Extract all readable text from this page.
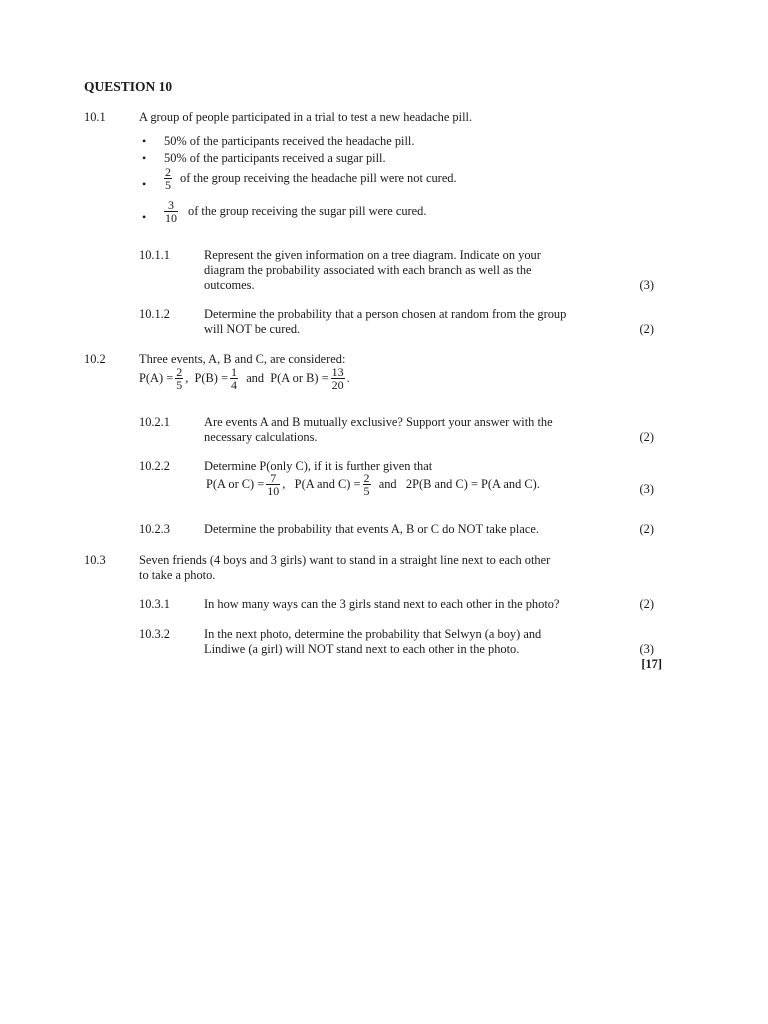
QUESTION 10
10.1	A group of people participated in a trial to test a new headache pill.
• 50% of the participants received the headache pill.
• 50% of the participants received a sugar pill.
• $\frac{2}{5}$ of the group receiving the headache pill were not cured.
• $\frac{3}{10}$ of the group receiving the sugar pill were cured.
10.1.1	Represent the given information on a tree diagram. Indicate on your
diagram the probability associated with each branch as well as the
outcomes.	(3)
10.1.2	Determine the probability that a person chosen at random from the group
will NOT be cured.	(2)
10.2	Three events, A, B and C, are considered:
$P(A) = \frac{2}{5}$ , $P(B) = \frac{1}{4}$
and
P(A or $B) = \frac{13}{20}$ .
10.2.1	Are events A and B mutually exclusive? Support your answer with the
necessary calculations.	(2)
10.2.2	Determine P(only C), if it is further given that
P(A or $C) = \frac{7}{10}$ , P(A and $C) = \frac{2}{5}$
and
2P(B and C) = P(A and C).	(3)
10.2.3	Determine the probability that events A, B or C do NOT take place.	(2)
10.3	Seven friends (4 boys and 3 girls) want to stand in a straight line next to each other
to take a photo.
10.3.1	In how many ways can the 3 girls stand next to each other in the photo?	(2)
10.3.2	In the next photo, determine the probability that Selwyn (a boy) and
Lindiwe (a girl) will NOT stand next to each other in the photo.	(3)
[17]
